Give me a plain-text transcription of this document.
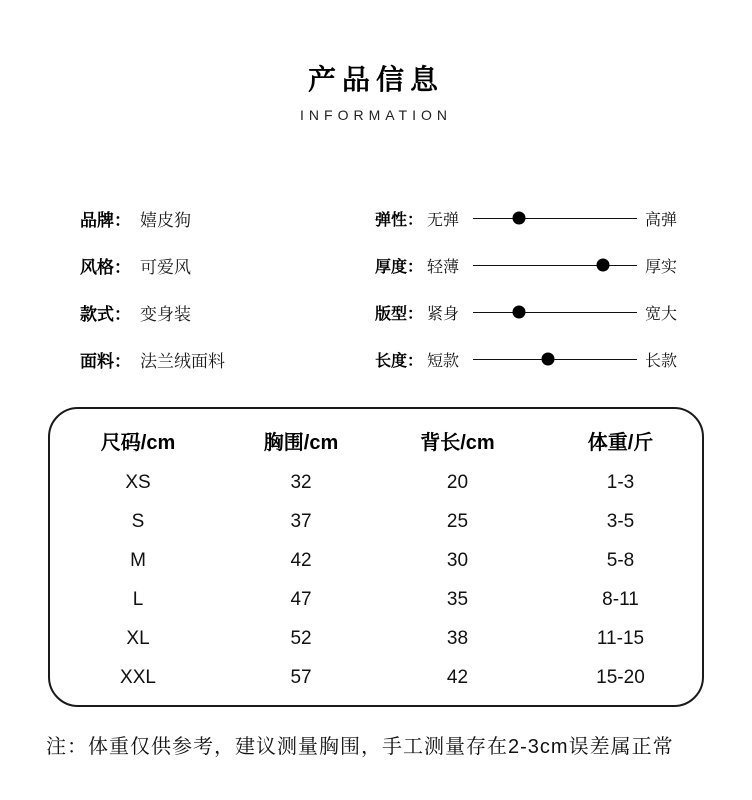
产品信息
INFORMATION
品牌： 嬉皮狗
风格： 可爱风
款式： 变身装
面料： 法兰绒面料
弹性： 无弹	高弹
厚度： 轻薄	厚实
版型： 紧身	宽大
长度： 短款	长款
尺码/cm	胸围/cm	背长/cm	体重/斤
XS	32	20	1-3
S	37	25	3-5
M	42	30	5-8
L	47	35	8-11
XL	52	38	11-15
XXL	57	42	15-20
注：体重仅供参考，建议测量胸围，手工测量存在2-3cm误差属正常
